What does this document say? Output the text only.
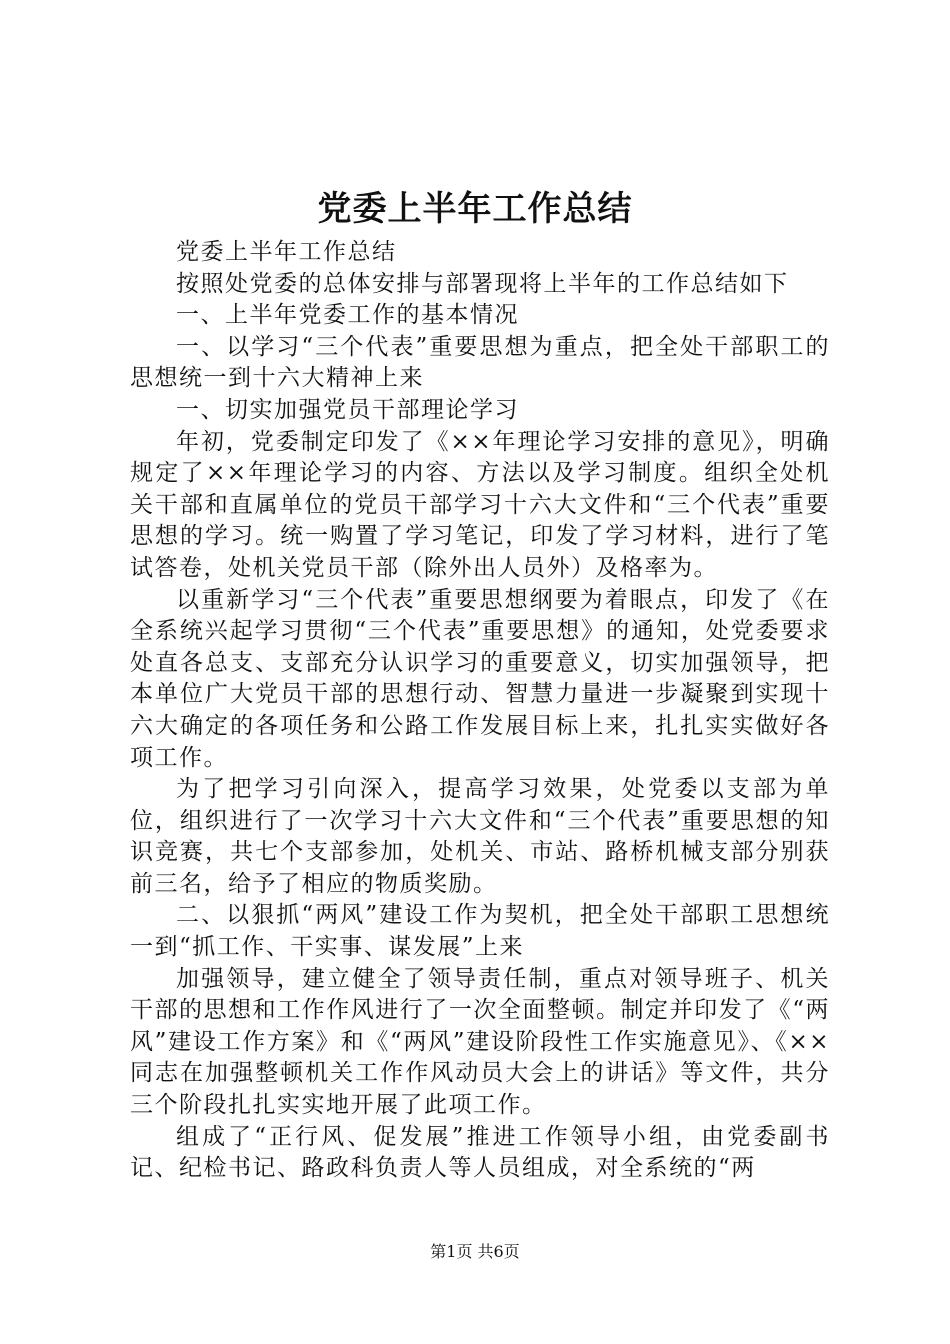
党委上半年工作总结

党委上半年工作总结

按照处党委的总体安排与部署现将上半年的工作总结如下

一、上半年党委工作的基本情况

一、以学习“三个代表”重要思想为重点，把全处干部职工的思想统一到十六大精神上来

一、切实加强党员干部理论学习

年初，党委制定印发了《××年理论学习安排的意见》，明确规定了××年理论学习的内容、方法以及学习制度。组织全处机关干部和直属单位的党员干部学习十六大文件和“三个代表”重要思想的学习。统一购置了学习笔记，印发了学习材料，进行了笔试答卷，处机关党员干部（除外出人员外）及格率为。

以重新学习“三个代表”重要思想纲要为着眼点，印发了《在全系统兴起学习贯彻“三个代表”重要思想》的通知，处党委要求处直各总支、支部充分认识学习的重要意义，切实加强领导，把本单位广大党员干部的思想行动、智慧力量进一步凝聚到实现十六大确定的各项任务和公路工作发展目标上来，扎扎实实做好各项工作。

为了把学习引向深入，提高学习效果，处党委以支部为单位，组织进行了一次学习十六大文件和“三个代表”重要思想的知识竞赛，共七个支部参加，处机关、市站、路桥机械支部分别获前三名，给予了相应的物质奖励。

二、以狠抓“两风”建设工作为契机，把全处干部职工思想统一到“抓工作、干实事、谋发展”上来

加强领导，建立健全了领导责任制，重点对领导班子、机关干部的思想和工作作风进行了一次全面整顿。制定并印发了《“两风”建设工作方案》和《“两风”建设阶段性工作实施意见》、《××同志在加强整顿机关工作作风动员大会上的讲话》等文件，共分三个阶段扎扎实实地开展了此项工作。

组成了“正行风、促发展”推进工作领导小组，由党委副书记、纪检书记、路政科负责人等人员组成，对全系统的“两

第1页 共6页
